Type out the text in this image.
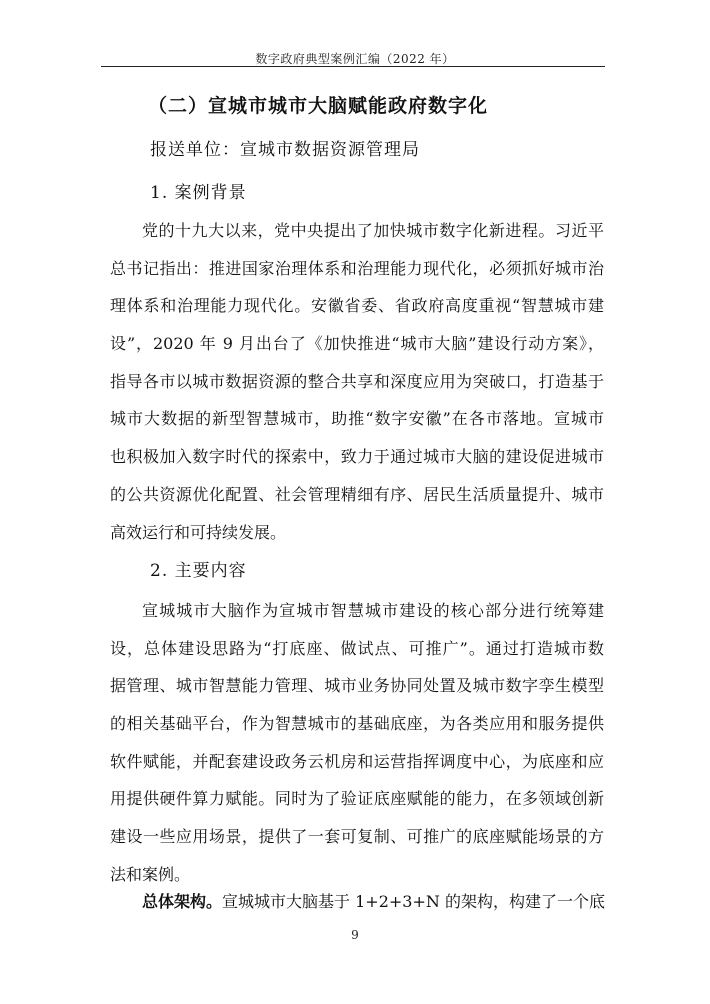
数字政府典型案例汇编（2022 年）
（二）宣城市城市大脑赋能政府数字化
报送单位：宣城市数据资源管理局
1. 案例背景
党的十九大以来，党中央提出了加快城市数字化新进程。习近平
总书记指出：推进国家治理体系和治理能力现代化，必须抓好城市治
理体系和治理能力现代化。安徽省委、省政府高度重视“智慧城市建
设”，2020 年 9 月出台了《加快推进“城市大脑”建设行动方案》，
指导各市以城市数据资源的整合共享和深度应用为突破口，打造基于
城市大数据的新型智慧城市，助推“数字安徽”在各市落地。宣城市
也积极加入数字时代的探索中，致力于通过城市大脑的建设促进城市
的公共资源优化配置、社会管理精细有序、居民生活质量提升、城市
高效运行和可持续发展。
2. 主要内容
宣城城市大脑作为宣城市智慧城市建设的核心部分进行统筹建
设，总体建设思路为“打底座、做试点、可推广”。通过打造城市数
据管理、城市智慧能力管理、城市业务协同处置及城市数字孪生模型
的相关基础平台，作为智慧城市的基础底座，为各类应用和服务提供
软件赋能，并配套建设政务云机房和运营指挥调度中心，为底座和应
用提供硬件算力赋能。同时为了验证底座赋能的能力，在多领域创新
建设一些应用场景，提供了一套可复制、可推广的底座赋能场景的方
法和案例。
总体架构。宣城城市大脑基于 1+2+3+N 的架构，构建了一个底
9
